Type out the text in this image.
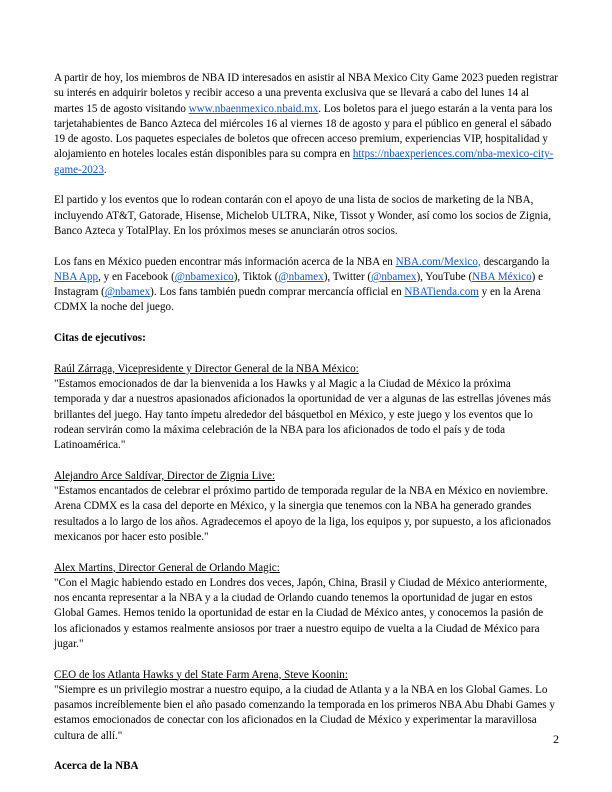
A partir de hoy, los miembros de NBA ID interesados en asistir al NBA Mexico City Game 2023 pueden registrar su interés en adquirir boletos y recibir acceso a una preventa exclusiva que se llevará a cabo del lunes 14 al martes 15 de agosto visitando www.nbaenmexico.nbaid.mx. Los boletos para el juego estarán a la venta para los tarjetahabientes de Banco Azteca del miércoles 16 al viernes 18 de agosto y para el público en general el sábado 19 de agosto. Los paquetes especiales de boletos que ofrecen acceso premium, experiencias VIP, hospitalidad y alojamiento en hoteles locales están disponibles para su compra en https://nbaexperiences.com/nba-mexico-city-game-2023.

El partido y los eventos que lo rodean contarán con el apoyo de una lista de socios de marketing de la NBA, incluyendo AT&T, Gatorade, Hisense, Michelob ULTRA, Nike, Tissot y Wonder, así como los socios de Zignia, Banco Azteca y TotalPlay. En los próximos meses se anunciarán otros socios.

Los fans en México pueden encontrar más información acerca de la NBA en NBA.com/Mexico, descargando la NBA App, y en Facebook (@nbamexico), Tiktok (@nbamex), Twitter (@nbamex), YouTube (NBA México) e Instagram (@nbamex). Los fans también puedn comprar mercancía official en NBATienda.com y en la Arena CDMX la noche del juego.

Citas de ejecutivos:

Raúl Zárraga, Vicepresidente y Director General de la NBA México:
"Estamos emocionados de dar la bienvenida a los Hawks y al Magic a la Ciudad de México la próxima temporada y dar a nuestros apasionados aficionados la oportunidad de ver a algunas de las estrellas jóvenes más brillantes del juego. Hay tanto ímpetu alrededor del básquetbol en México, y este juego y los eventos que lo rodean servirán como la máxima celebración de la NBA para los aficionados de todo el país y de toda Latinoamérica."

Alejandro Arce Saldívar, Director de Zignia Live:
"Estamos encantados de celebrar el próximo partido de temporada regular de la NBA en México en noviembre. Arena CDMX es la casa del deporte en México, y la sinergia que tenemos con la NBA ha generado grandes resultados a lo largo de los años. Agradecemos el apoyo de la liga, los equipos y, por supuesto, a los aficionados mexicanos por hacer esto posible."

Alex Martins, Director General de Orlando Magic:
"Con el Magic habiendo estado en Londres dos veces, Japón, China, Brasil y Ciudad de México anteriormente, nos encanta representar a la NBA y a la ciudad de Orlando cuando tenemos la oportunidad de jugar en estos Global Games. Hemos tenido la oportunidad de estar en la Ciudad de México antes, y conocemos la pasión de los aficionados y estamos realmente ansiosos por traer a nuestro equipo de vuelta a la Ciudad de México para jugar."

CEO de los Atlanta Hawks y del State Farm Arena, Steve Koonin:
"Siempre es un privilegio mostrar a nuestro equipo, a la ciudad de Atlanta y a la NBA en los Global Games. Lo pasamos increíblemente bien el año pasado comenzando la temporada en los primeros NBA Abu Dhabi Games y estamos emocionados de conectar con los aficionados en la Ciudad de México y experimentar la maravillosa cultura de allí."

Acerca de la NBA

2
